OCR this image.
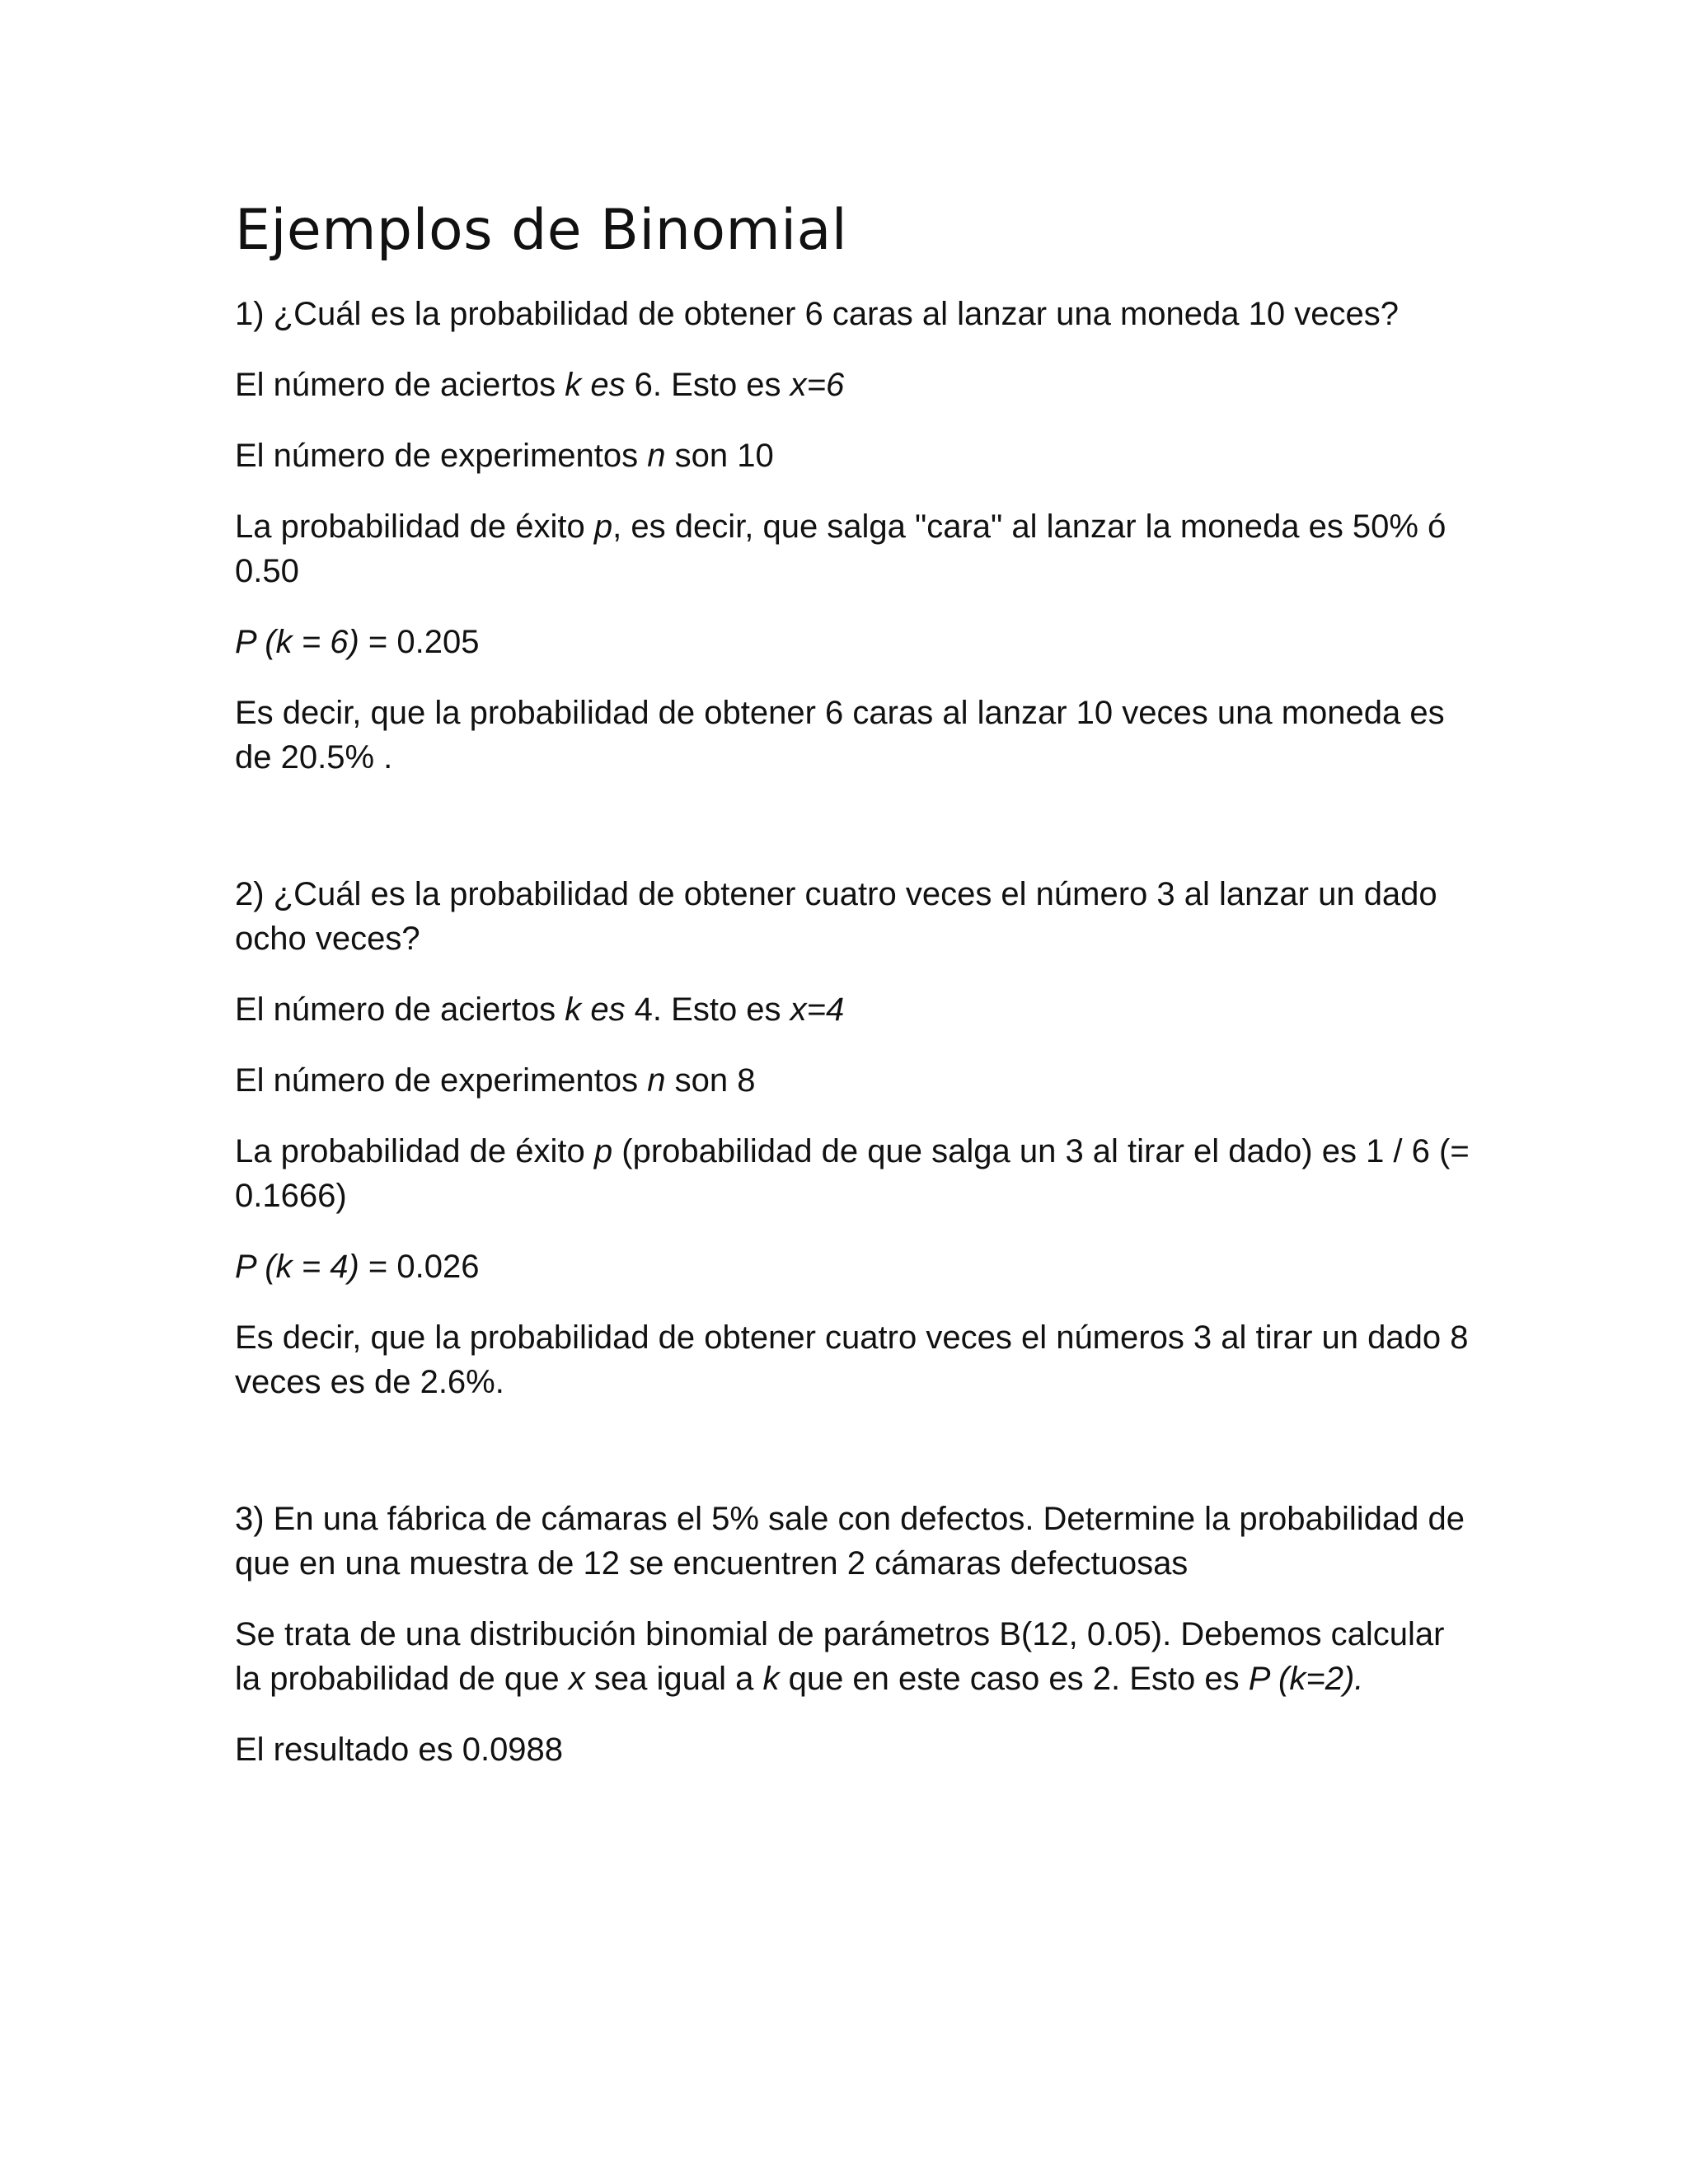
Ejemplos de Binomial

1) ¿Cuál es la probabilidad de obtener 6 caras al lanzar una moneda 10 veces?

El número de aciertos k es 6. Esto es x=6

El número de experimentos n son 10

La probabilidad de éxito p, es decir, que salga "cara" al lanzar la moneda es 50% ó 0.50

P (k = 6) = 0.205

Es decir, que la probabilidad de obtener 6 caras al lanzar 10 veces una moneda es de 20.5% .

2) ¿Cuál es la probabilidad de obtener cuatro veces el número 3 al lanzar un dado ocho veces?

El número de aciertos k es 4. Esto es x=4

El número de experimentos n son 8

La probabilidad de éxito p (probabilidad de que salga un 3 al tirar el dado) es 1 / 6 (= 0.1666)

P (k = 4) = 0.026

Es decir, que la probabilidad de obtener cuatro veces el números 3 al tirar un dado 8 veces es de 2.6%.

3) En una fábrica de cámaras el 5% sale con defectos. Determine la probabilidad de que en una muestra de 12 se encuentren 2 cámaras defectuosas

Se trata de una distribución binomial de parámetros B(12, 0.05). Debemos calcular la probabilidad de que x sea igual a k que en este caso es 2. Esto es P (k=2).

El resultado es 0.0988
